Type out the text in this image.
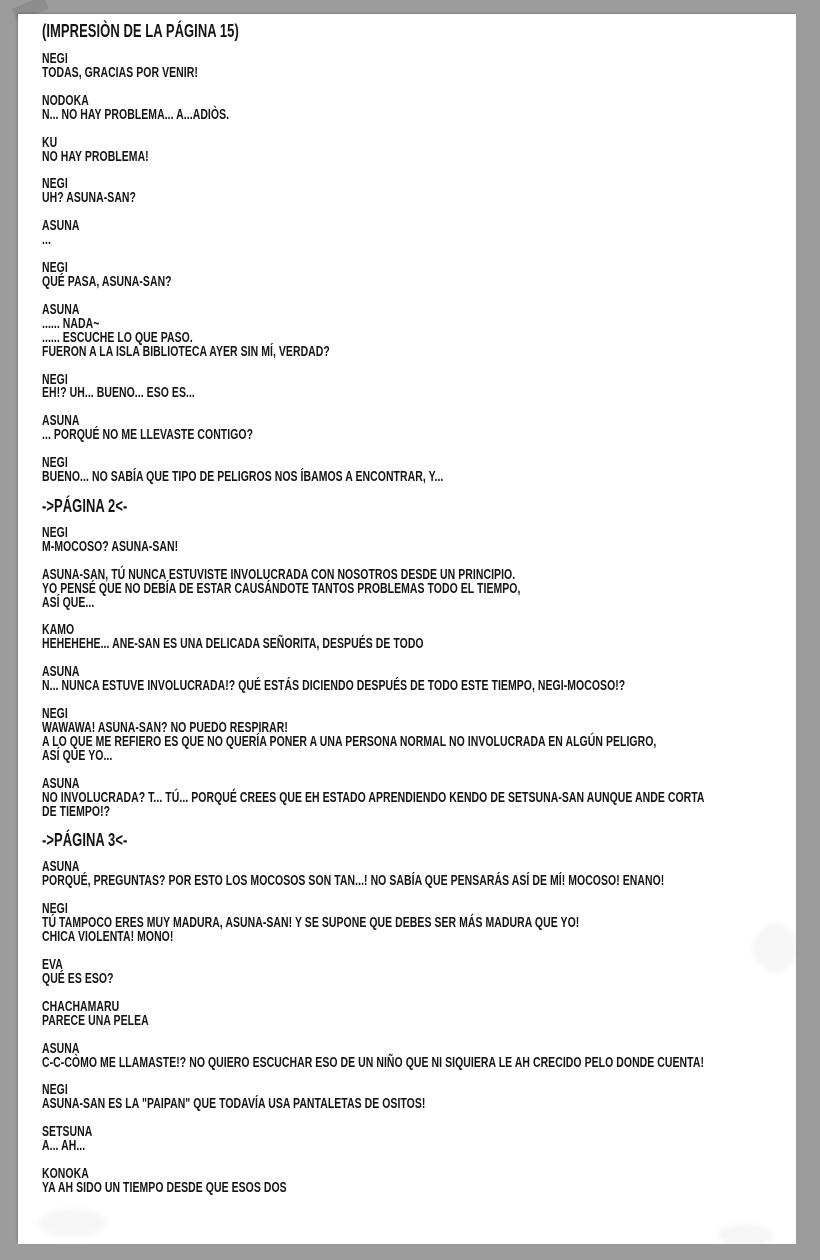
(IMPRESIÒN DE LA PÁGINA 15)
NEGI
TODAS, GRACIAS POR VENIR!
NODOKA
N... NO HAY PROBLEMA... A...ADIÒS.
KU
NO HAY PROBLEMA!
NEGI
UH? ASUNA-SAN?
ASUNA
...
NEGI
QUÉ PASA, ASUNA-SAN?
ASUNA
...... NADA~
...... ESCUCHE LO QUE PASO.
FUERON A LA ISLA BIBLIOTECA AYER SIN MÍ, VERDAD?
NEGI
EH!? UH... BUENO... ESO ES...
ASUNA
... PORQUÉ NO ME LLEVASTE CONTIGO?
NEGI
BUENO... NO SABÍA QUE TIPO DE PELIGROS NOS ÍBAMOS A ENCONTRAR, Y...
->PÁGINA 2<-
NEGI
M-MOCOSO? ASUNA-SAN!
ASUNA-SAN, TÚ NUNCA ESTUVISTE INVOLUCRADA CON NOSOTROS DESDE UN PRINCIPIO.
YO PENSÉ QUE NO DEBÍA DE ESTAR CAUSÁNDOTE TANTOS PROBLEMAS TODO EL TIEMPO,
ASÍ QUE...
KAMO
HEHEHEHE... ANE-SAN ES UNA DELICADA SEÑORITA, DESPUÉS DE TODO
ASUNA
N... NUNCA ESTUVE INVOLUCRADA!? QUÉ ESTÁS DICIENDO DESPUÉS DE TODO ESTE TIEMPO, NEGI-MOCOSO!?
NEGI
WAWAWA! ASUNA-SAN? NO PUEDO RESPIRAR!
A LO QUE ME REFIERO ES QUE NO QUERÍA PONER A UNA PERSONA NORMAL NO INVOLUCRADA EN ALGÚN PELIGRO,
ASÍ QUE YO...
ASUNA
NO INVOLUCRADA? T... TÚ... PORQUÉ CREES QUE EH ESTADO APRENDIENDO KENDO DE SETSUNA-SAN AUNQUE ANDE CORTA
DE TIEMPO!?
->PÁGINA 3<-
ASUNA
PORQUÉ, PREGUNTAS? POR ESTO LOS MOCOSOS SON TAN...! NO SABÍA QUE PENSARÁS ASÍ DE MÍ! MOCOSO! ENANO!
NEGI
TÚ TAMPOCO ERES MUY MADURA, ASUNA-SAN! Y SE SUPONE QUE DEBES SER MÁS MADURA QUE YO!
CHICA VIOLENTA! MONO!
EVA
QUÉ ES ESO?
CHACHAMARU
PARECE UNA PELEA
ASUNA
C-C-CÒMO ME LLAMASTE!? NO QUIERO ESCUCHAR ESO DE UN NIÑO QUE NI SIQUIERA LE AH CRECIDO PELO DONDE CUENTA!
NEGI
ASUNA-SAN ES LA "PAIPAN" QUE TODAVÍA USA PANTALETAS DE OSITOS!
SETSUNA
A... AH...
KONOKA
YA AH SIDO UN TIEMPO DESDE QUE ESOS DOS
